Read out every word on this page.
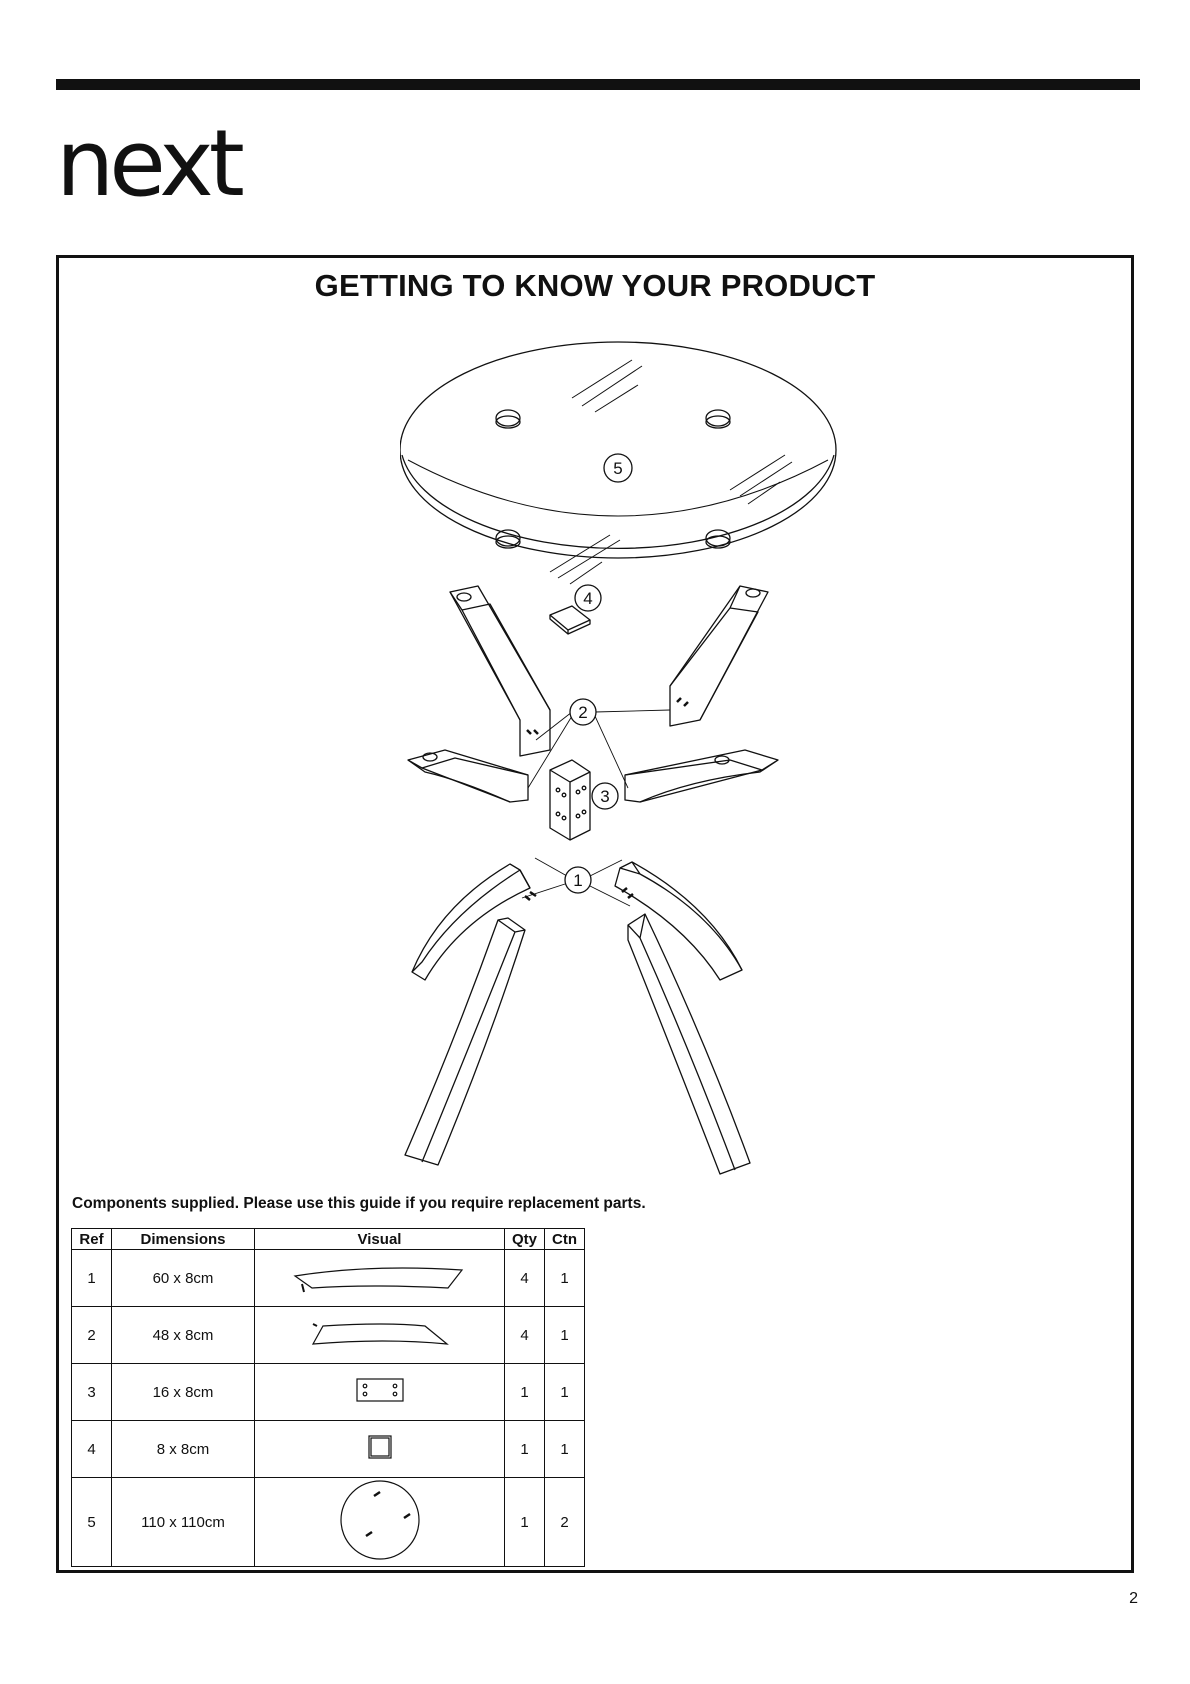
next
GETTING TO KNOW YOUR PRODUCT
5
2
4
3
1
Components supplied. Please use this guide if you require replacement parts.
Ref	Dimensions	Visual	Qty	Ctn
1	60 x 8cm		4	1
2	48 x 8cm		4	1
3	16 x 8cm		1	1
4	8 x 8cm		1	1
5	110 x 110cm		1	2
2
